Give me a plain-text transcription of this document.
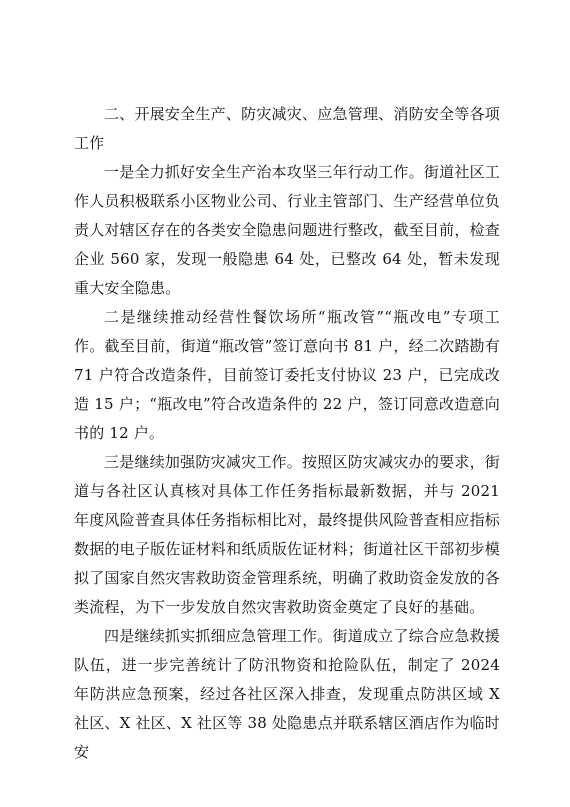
二、开展安全生产、防灾减灾、应急管理、消防安全等各项工作

一是全力抓好安全生产治本攻坚三年行动工作。街道社区工作人员积极联系小区物业公司、行业主管部门、生产经营单位负责人对辖区存在的各类安全隐患问题进行整改，截至目前，检查企业 560 家，发现一般隐患 64 处，已整改 64 处，暂未发现重大安全隐患。

二是继续推动经营性餐饮场所“瓶改管”“瓶改电”专项工作。截至目前，街道“瓶改管”签订意向书 81 户，经二次踏勘有 71 户符合改造条件，目前签订委托支付协议 23 户，已完成改造 15 户；“瓶改电”符合改造条件的 22 户，签订同意改造意向书的 12 户。

三是继续加强防灾减灾工作。按照区防灾减灾办的要求，街道与各社区认真核对具体工作任务指标最新数据，并与 2021 年度风险普查具体任务指标相比对，最终提供风险普查相应指标数据的电子版佐证材料和纸质版佐证材料；街道社区干部初步模拟了国家自然灾害救助资金管理系统，明确了救助资金发放的各类流程，为下一步发放自然灾害救助资金奠定了良好的基础。

四是继续抓实抓细应急管理工作。街道成立了综合应急救援队伍，进一步完善统计了防汛物资和抢险队伍，制定了 2024 年防洪应急预案，经过各社区深入排查，发现重点防洪区域 X 社区、X 社区、X 社区等 38 处隐患点并联系辖区酒店作为临时安
